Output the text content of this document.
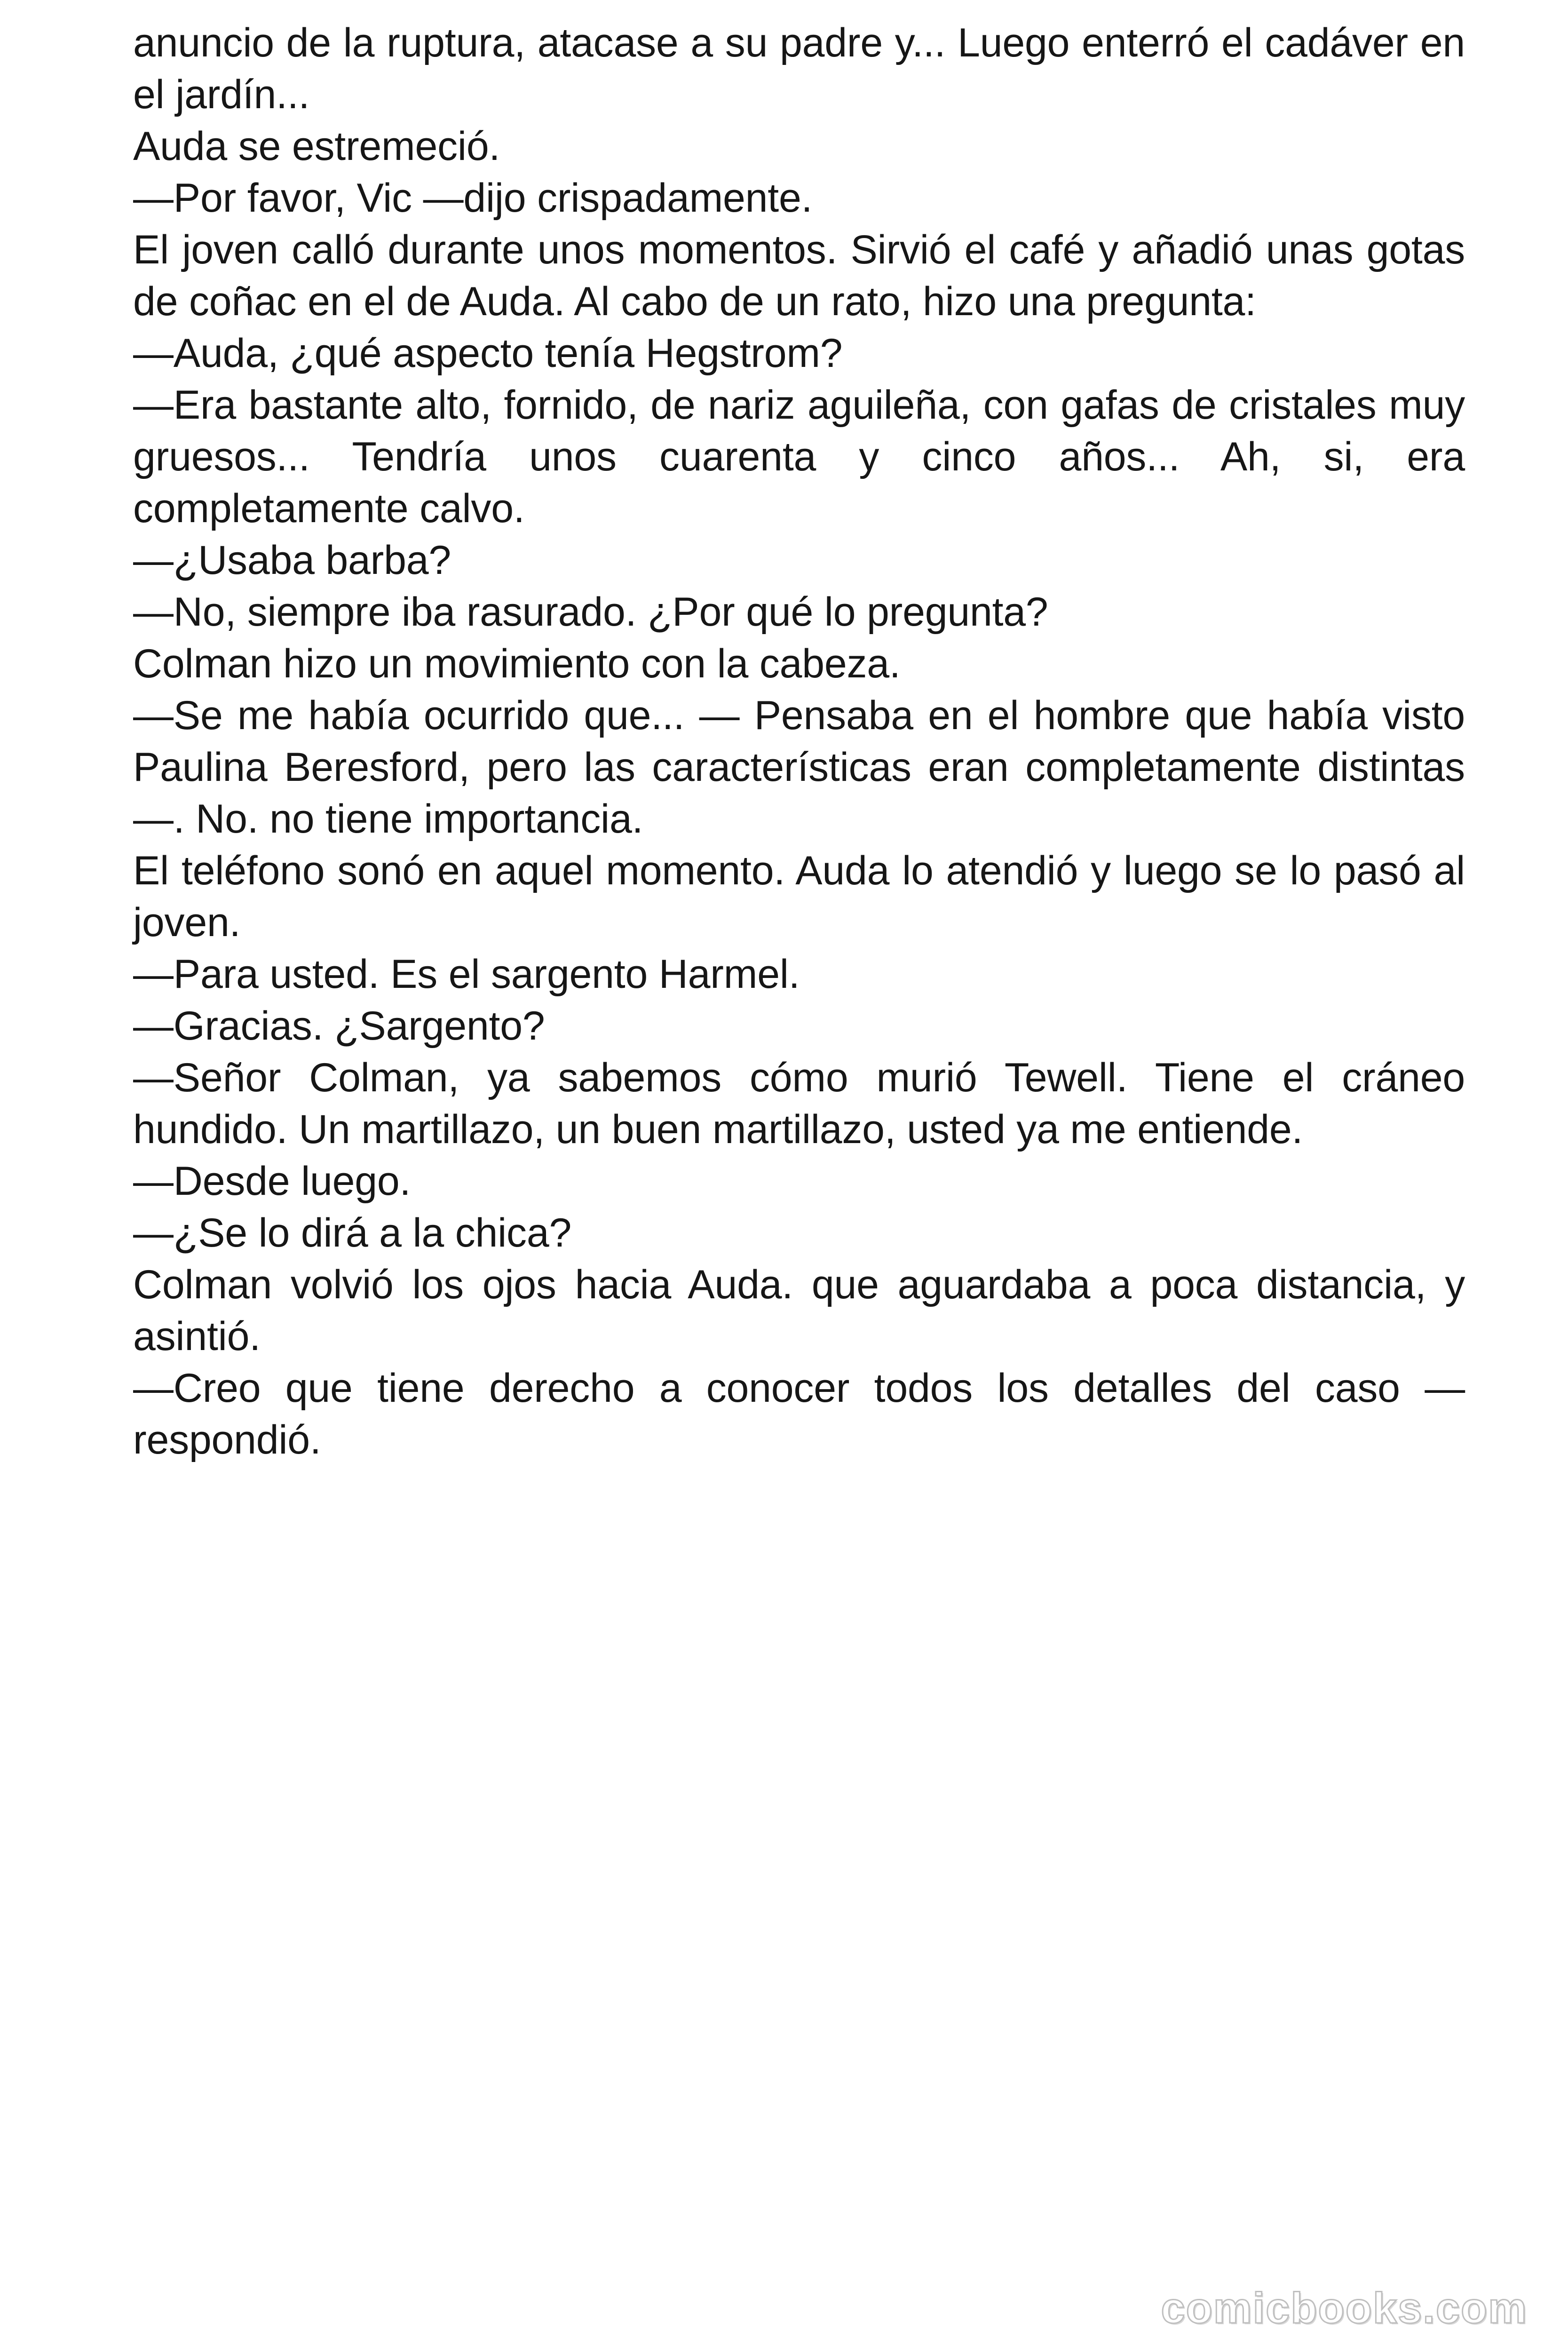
anuncio de la ruptura, atacase a su padre y... Luego enterró el cadáver en el jardín...

Auda se estremeció.

—Por favor, Vic —dijo crispadamente.

El joven calló durante unos momentos. Sirvió el café y añadió unas gotas de coñac en el de Auda. Al cabo de un rato, hizo una pregunta:

—Auda, ¿qué aspecto tenía Hegstrom?

—Era bastante alto, fornido, de nariz aguileña, con gafas de cristales muy gruesos... Tendría unos cuarenta y cinco años... Ah, si, era completamente calvo.

—¿Usaba barba?

—No, siempre iba rasurado. ¿Por qué lo pregunta?

Colman hizo un movimiento con la cabeza.

—Se me había ocurrido que... — Pensaba en el hombre que había visto Paulina Beresford, pero las características eran completamente distintas—. No. no tiene importancia.

El teléfono sonó en aquel momento. Auda lo atendió y luego se lo pasó al joven.

—Para usted. Es el sargento Harmel.

—Gracias. ¿Sargento?

—Señor Colman, ya sabemos cómo murió Tewell. Tiene el cráneo hundido. Un martillazo, un buen martillazo, usted ya me entiende.

—Desde luego.

—¿Se lo dirá a la chica?

Colman volvió los ojos hacia Auda. que aguardaba a poca distancia, y asintió.

—Creo que tiene derecho a conocer todos los detalles del caso —respondió.

comicbooks.com
